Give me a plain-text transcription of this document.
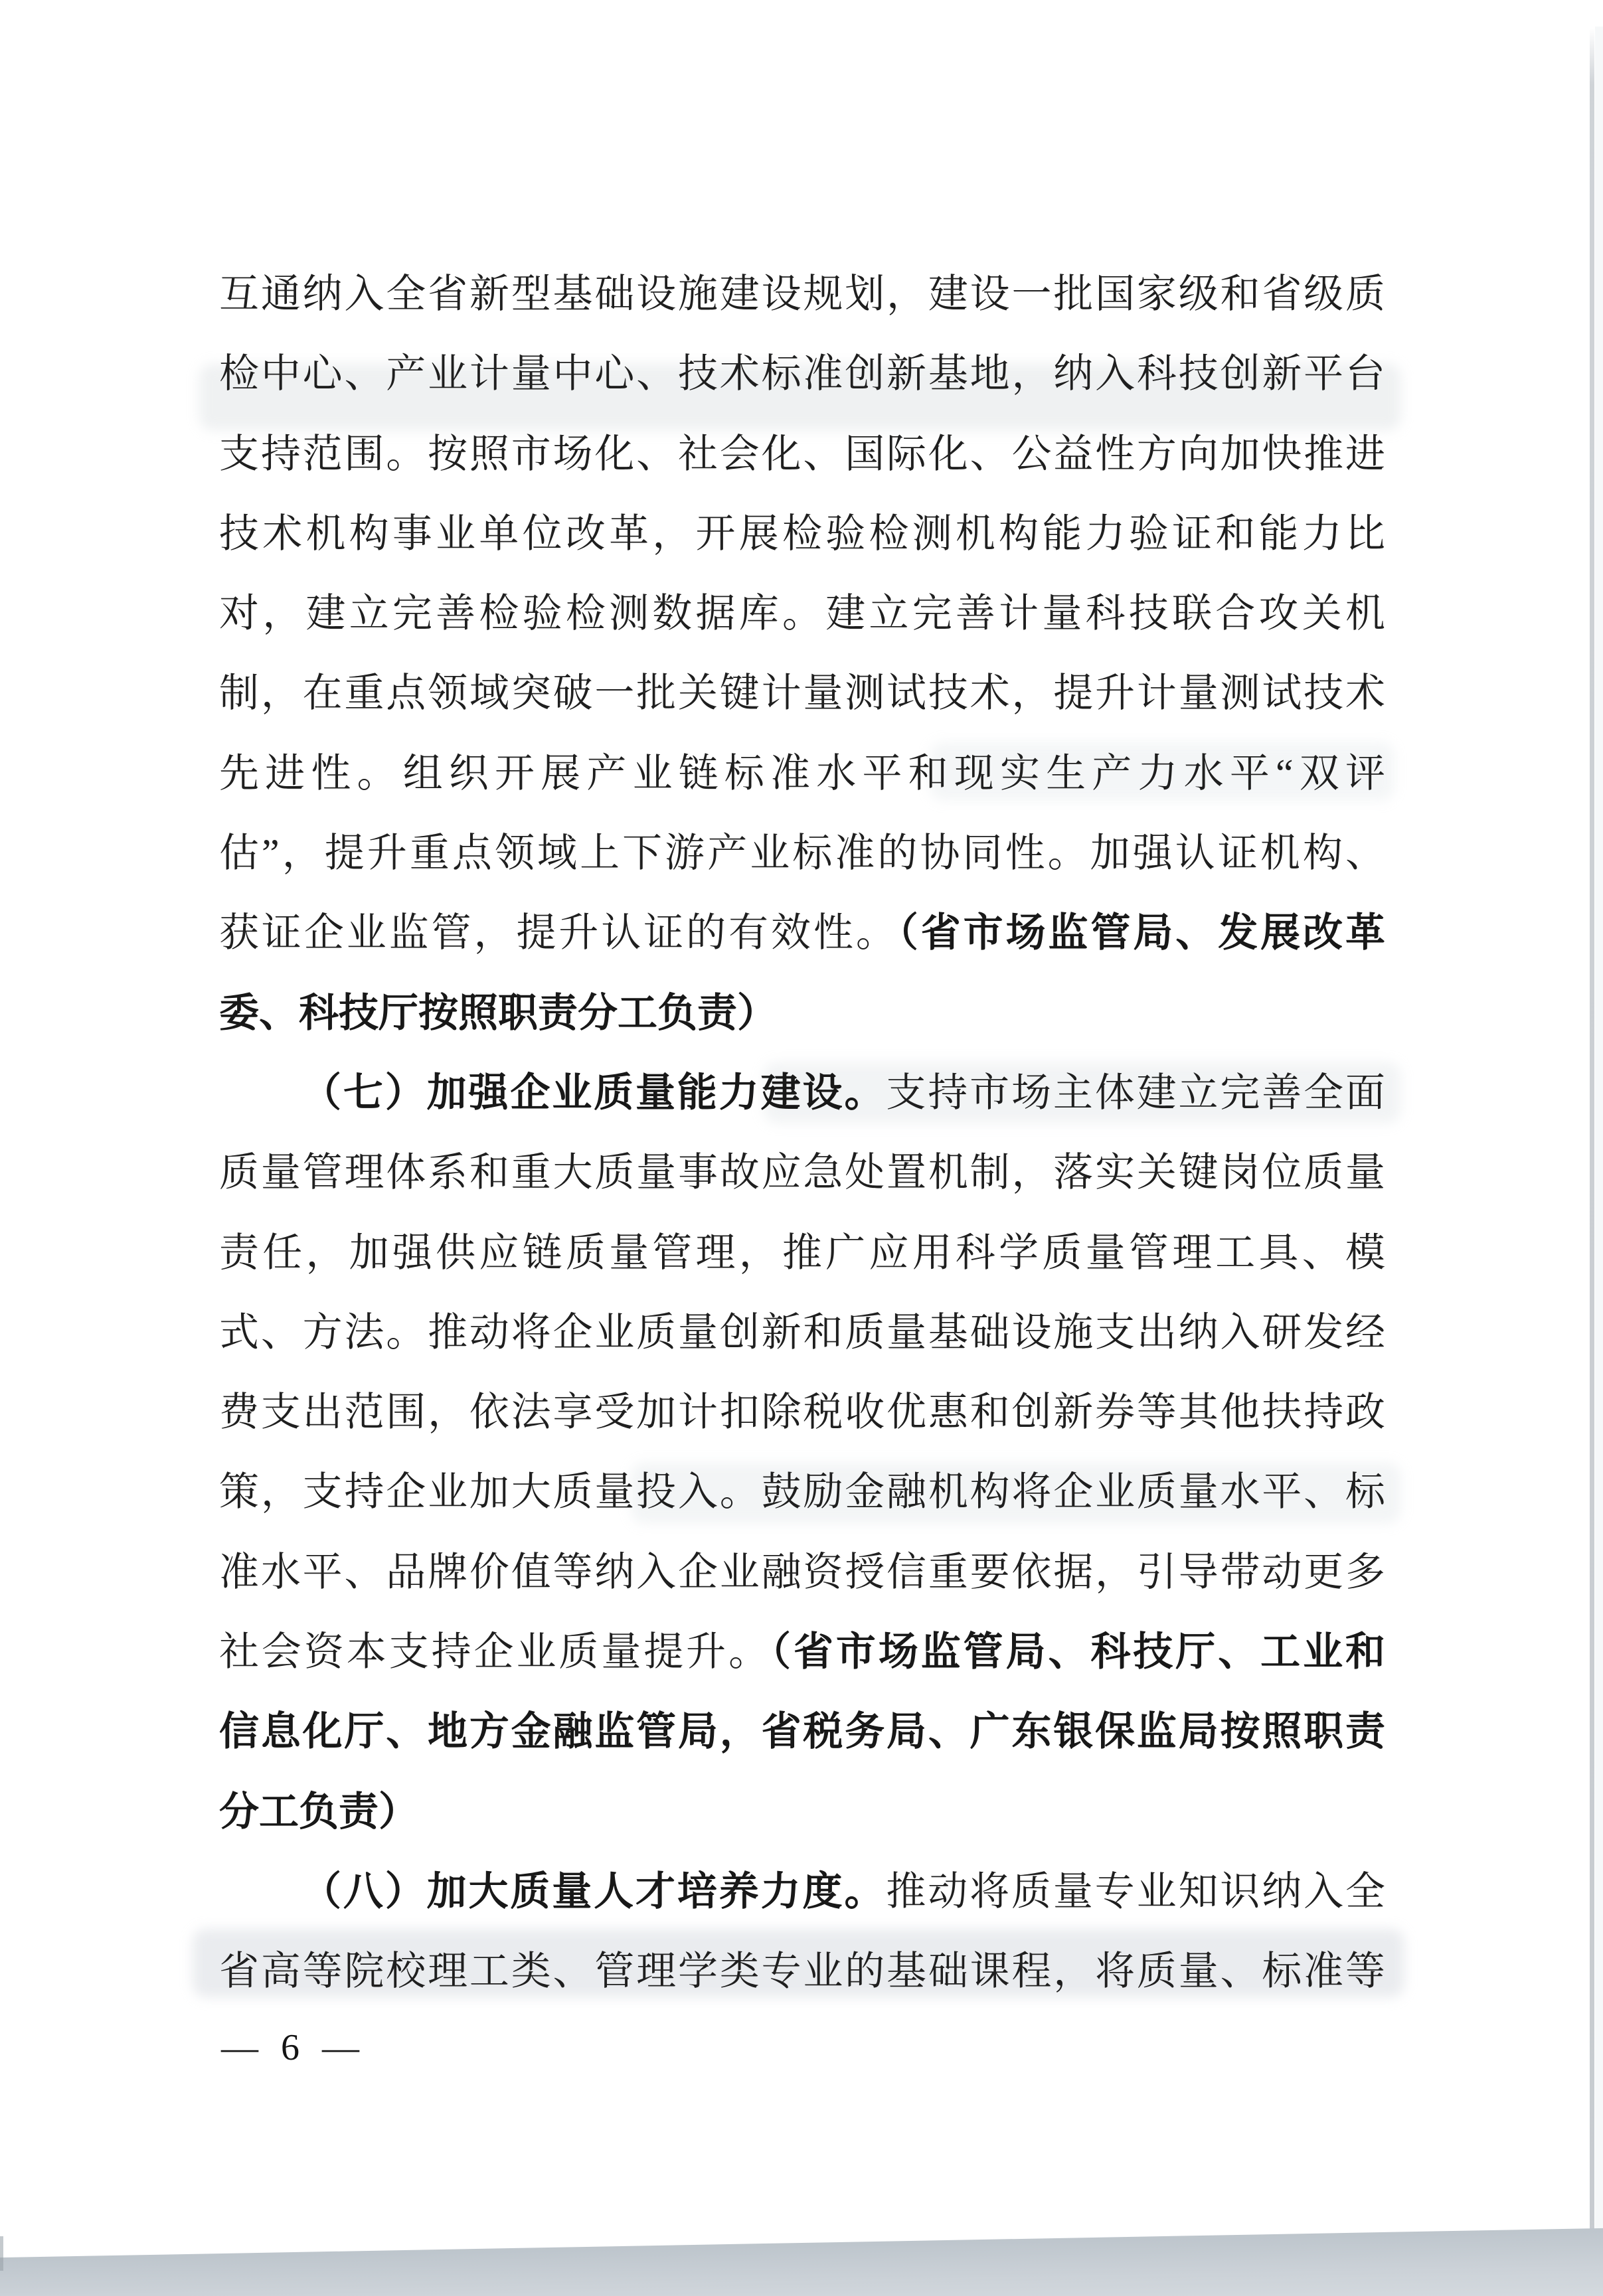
互通纳入全省新型基础设施建设规划，建设一批国家级和省级质
检中心、产业计量中心、技术标准创新基地，纳入科技创新平台
支持范围。按照市场化、社会化、国际化、公益性方向加快推进
技术机构事业单位改革，开展检验检测机构能力验证和能力比
对，建立完善检验检测数据库。建立完善计量科技联合攻关机
制，在重点领域突破一批关键计量测试技术，提升计量测试技术
先进性。组织开展产业链标准水平和现实生产力水平“双评
估”，提升重点领域上下游产业标准的协同性。加强认证机构、
获证企业监管，提升认证的有效性。（省市场监管局、发展改革
委、科技厅按照职责分工负责）
（七）加强企业质量能力建设。支持市场主体建立完善全面
质量管理体系和重大质量事故应急处置机制，落实关键岗位质量
责任，加强供应链质量管理，推广应用科学质量管理工具、模
式、方法。推动将企业质量创新和质量基础设施支出纳入研发经
费支出范围，依法享受加计扣除税收优惠和创新券等其他扶持政
策，支持企业加大质量投入。鼓励金融机构将企业质量水平、标
准水平、品牌价值等纳入企业融资授信重要依据，引导带动更多
社会资本支持企业质量提升。（省市场监管局、科技厅、工业和
信息化厅、地方金融监管局，省税务局、广东银保监局按照职责
分工负责）
（八）加大质量人才培养力度。推动将质量专业知识纳入全
省高等院校理工类、管理学类专业的基础课程，将质量、标准等
— 6 —
